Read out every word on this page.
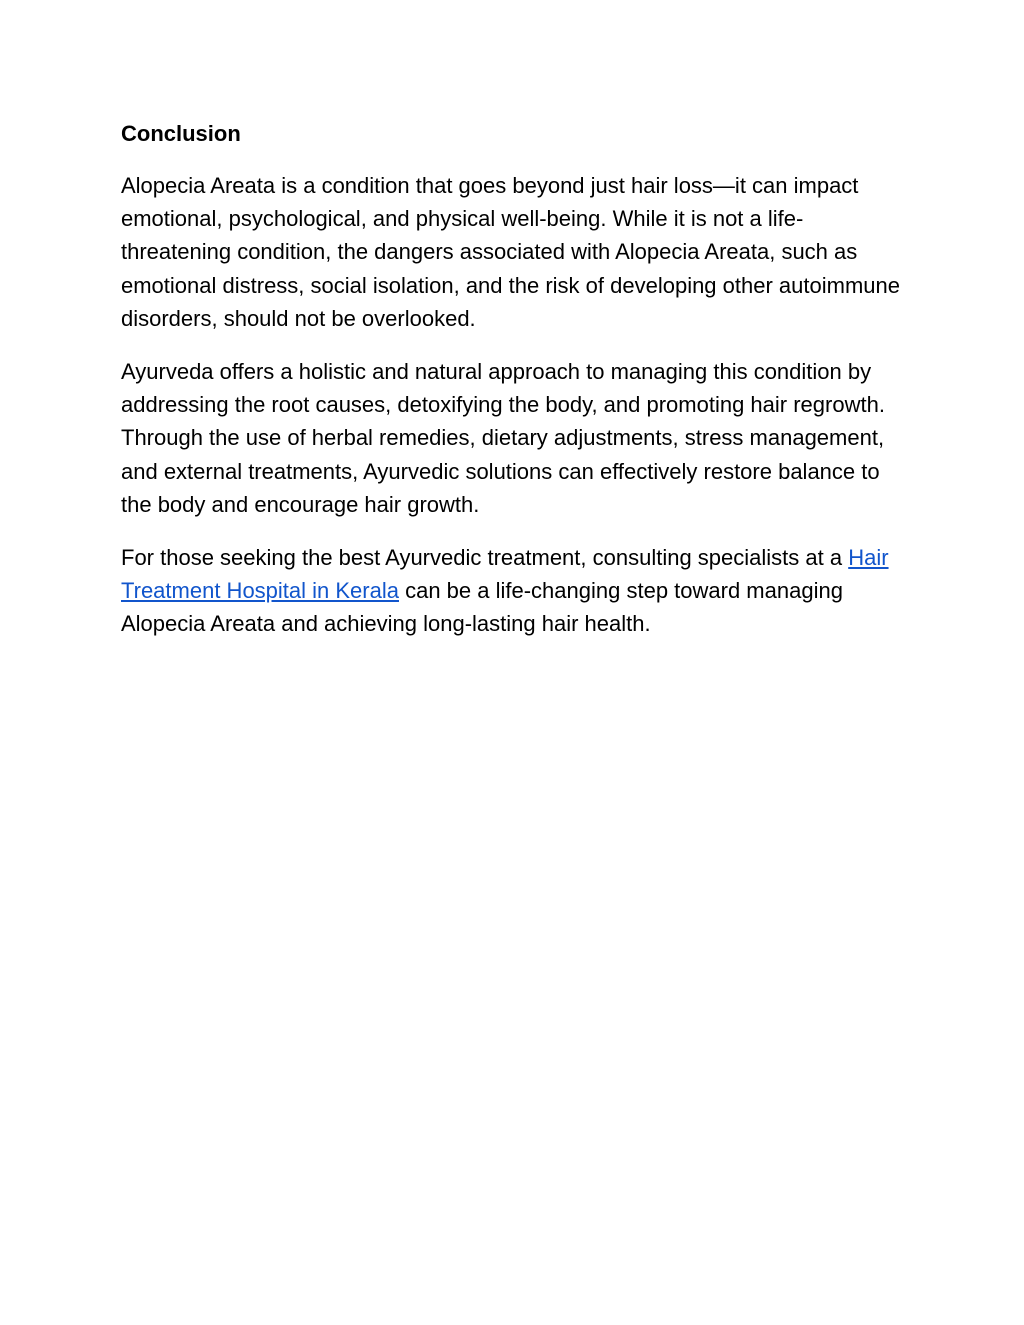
Conclusion

Alopecia Areata is a condition that goes beyond just hair loss—it can impact emotional, psychological, and physical well-being. While it is not a life-threatening condition, the dangers associated with Alopecia Areata, such as emotional distress, social isolation, and the risk of developing other autoimmune disorders, should not be overlooked.

Ayurveda offers a holistic and natural approach to managing this condition by addressing the root causes, detoxifying the body, and promoting hair regrowth. Through the use of herbal remedies, dietary adjustments, stress management, and external treatments, Ayurvedic solutions can effectively restore balance to the body and encourage hair growth.

For those seeking the best Ayurvedic treatment, consulting specialists at a Hair Treatment Hospital in Kerala can be a life-changing step toward managing Alopecia Areata and achieving long-lasting hair health.
